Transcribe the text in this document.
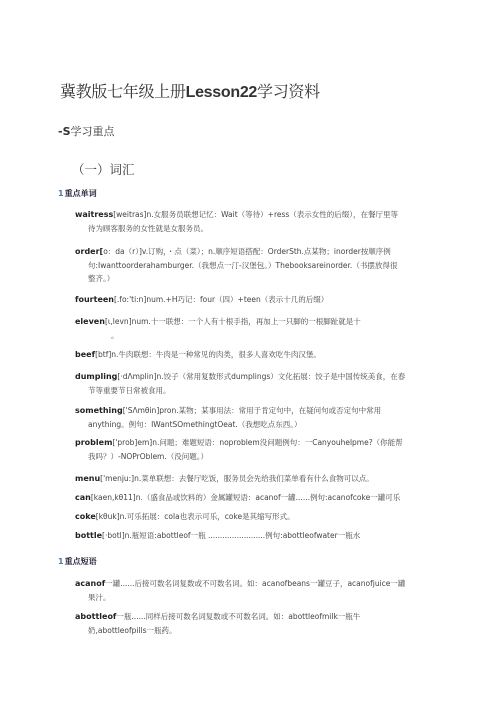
冀教版七年级上册Lesson22学习资料
-S学习重点
（一）词汇
1重点单词
waitress[weitras]n.女服务员联想记忆：Wait（等待）+ress（表示女性的后缀），在餐厅里等
待为顾客服务的女性就是女服务员。
order[o：da（r）]v.订购，・点（菜）；n.顺序短语搭配：OrderSth.点某物；inorder按顺序例
句:Iwanttoorderahamburger.（我想点一汀-汉堡包。）Thebooksareinorder.（书摆放得很
整齐。）
fourteen[.fo:'ti:n]num.+H巧记：four（四）+teen（表示十几的后缀）
eleven[ι,levn]num.十一联想：一个人有十根手指，再加上一只脚的一根脚趾就是十
。
beef[btf]n.牛肉联想：牛肉是一种常见的肉类，很多人喜欢吃牛肉汉堡。
dumpling[·dΛmplin]n.饺子（常用复数形式dumplings）文化拓展：饺子是中国传统美食，在春
节等重要节日常被食用。
something['SΛmθin]pron.某物；某事用法：常用于肯定句中，在疑问句或否定句中常用
anything。例句：IWantSOmethingtOeat.（我想吃点东西。）
problem['prob]em]n.问题；难题短语：noproblem没问题例句：一Canyouhelpme?（你能帮
我吗？）-NOPrOblem.（没问题。）
menu['menju:]n.菜单联想：去餐厅吃饭，服务员会先给我们菜单看有什么食物可以点。
can[kaen,kθ11]n.（盛食品或饮料的）金属罐短语：acanof一罐......例句:acanofcoke一罐可乐
coke[kθuk]n.可乐拓展：cola也表示可乐，coke是其缩写形式。
bottle[·botl]n.瓶短语:abottleof一瓶 ........................例句:abottleofwater一瓶水
1重点短语
acanof一罐......后接可数名词复数或不可数名词。如：acanofbeans一罐豆子，acanofjuice一罐
果汁。
abottleof一瓶......同样后接可数名词复数或不可数名词。如：abottleofmilk一瓶牛
奶,abottleofpills一瓶药。
